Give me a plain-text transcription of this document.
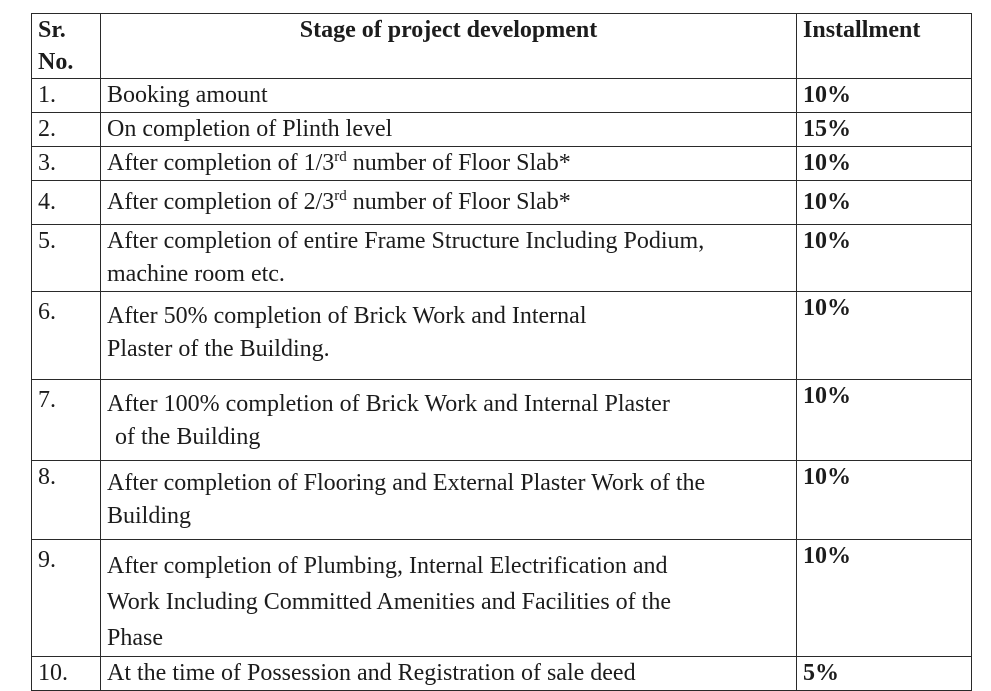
Sr. No.	Stage of project development	Installment
1.	Booking amount	10%
2.	On completion of Plinth level	15%
3.	After completion of 1/3rd number of Floor Slab*	10%
4.	After completion of 2/3rd number of Floor Slab*	10%
5.	After completion of entire Frame Structure Including Podium,
machine room etc.	10%
6.	After 50% completion of Brick Work and Internal
Plaster of the Building.	10%
7.	After 100% completion of Brick Work and Internal Plaster
of the Building	10%
8.	After completion of Flooring and External Plaster Work of the
Building	10%
9.	After completion of Plumbing, Internal Electrification and
Work Including Committed Amenities and Facilities of the
Phase	10%
10.	At the time of Possession and Registration of sale deed	5%
